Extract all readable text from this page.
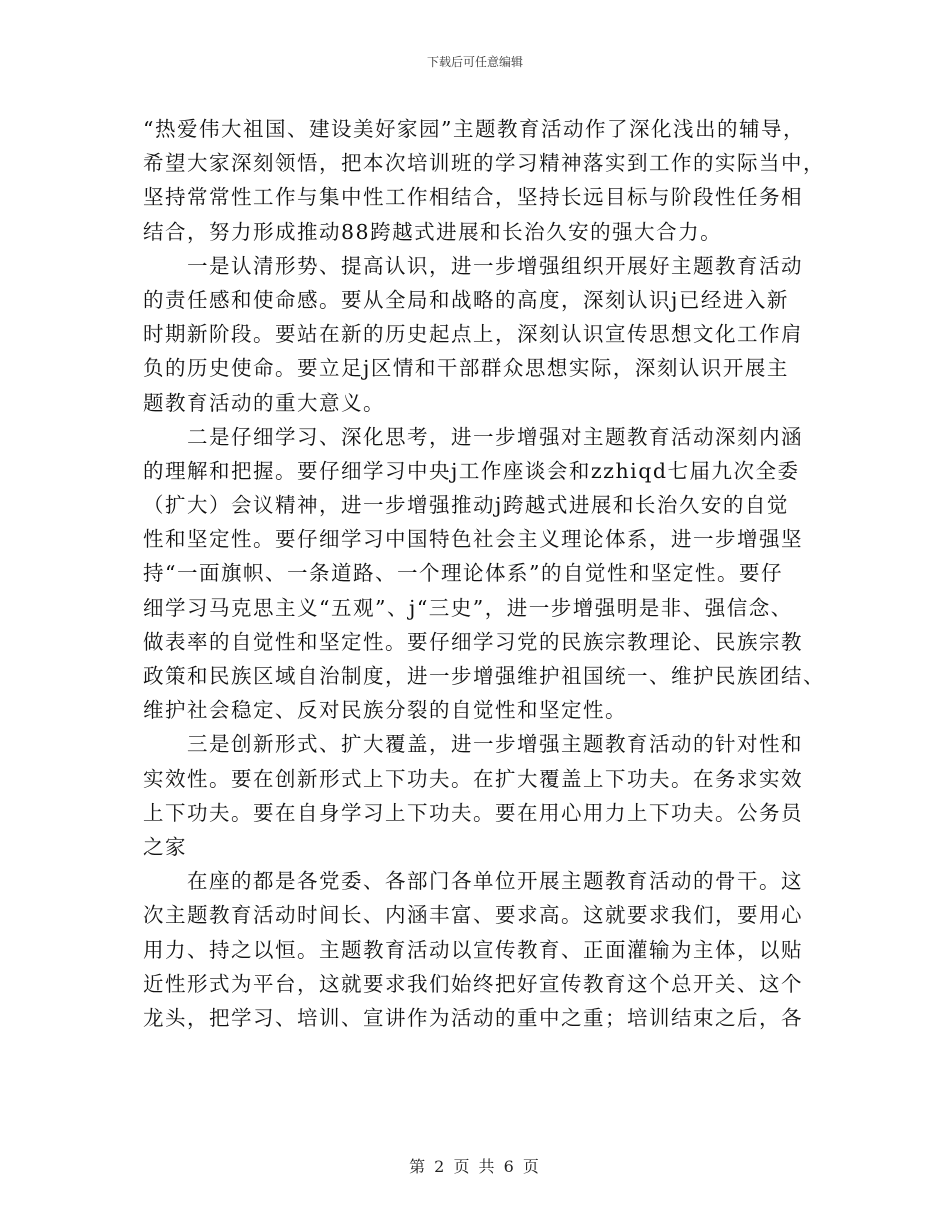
下载后可任意编辑

“热爱伟大祖国、建设美好家园”主题教育活动作了深化浅出的辅导，
希望大家深刻领悟，把本次培训班的学习精神落实到工作的实际当中，
坚持常常性工作与集中性工作相结合，坚持长远目标与阶段性任务相
结合，努力形成推动88跨越式进展和长治久安的强大合力。

　　一是认清形势、提高认识，进一步增强组织开展好主题教育活动
的责任感和使命感。要从全局和战略的高度，深刻认识j已经进入新
时期新阶段。要站在新的历史起点上，深刻认识宣传思想文化工作肩
负的历史使命。要立足j区情和干部群众思想实际，深刻认识开展主
题教育活动的重大意义。

　　二是仔细学习、深化思考，进一步增强对主题教育活动深刻内涵
的理解和把握。要仔细学习中央j工作座谈会和zzhiqd七届九次全委
（扩大）会议精神，进一步增强推动j跨越式进展和长治久安的自觉
性和坚定性。要仔细学习中国特色社会主义理论体系，进一步增强坚
持“一面旗帜、一条道路、一个理论体系”的自觉性和坚定性。要仔
细学习马克思主义“五观”、j“三史”，进一步增强明是非、强信念、
做表率的自觉性和坚定性。要仔细学习党的民族宗教理论、民族宗教
政策和民族区域自治制度，进一步增强维护祖国统一、维护民族团结、
维护社会稳定、反对民族分裂的自觉性和坚定性。

　　三是创新形式、扩大覆盖，进一步增强主题教育活动的针对性和
实效性。要在创新形式上下功夫。在扩大覆盖上下功夫。在务求实效
上下功夫。要在自身学习上下功夫。要在用心用力上下功夫。公务员
之家

　　在座的都是各党委、各部门各单位开展主题教育活动的骨干。这
次主题教育活动时间长、内涵丰富、要求高。这就要求我们，要用心
用力、持之以恒。主题教育活动以宣传教育、正面灌输为主体，以贴
近性形式为平台，这就要求我们始终把好宣传教育这个总开关、这个
龙头，把学习、培训、宣讲作为活动的重中之重；培训结束之后，各

第 2 页 共 6 页
